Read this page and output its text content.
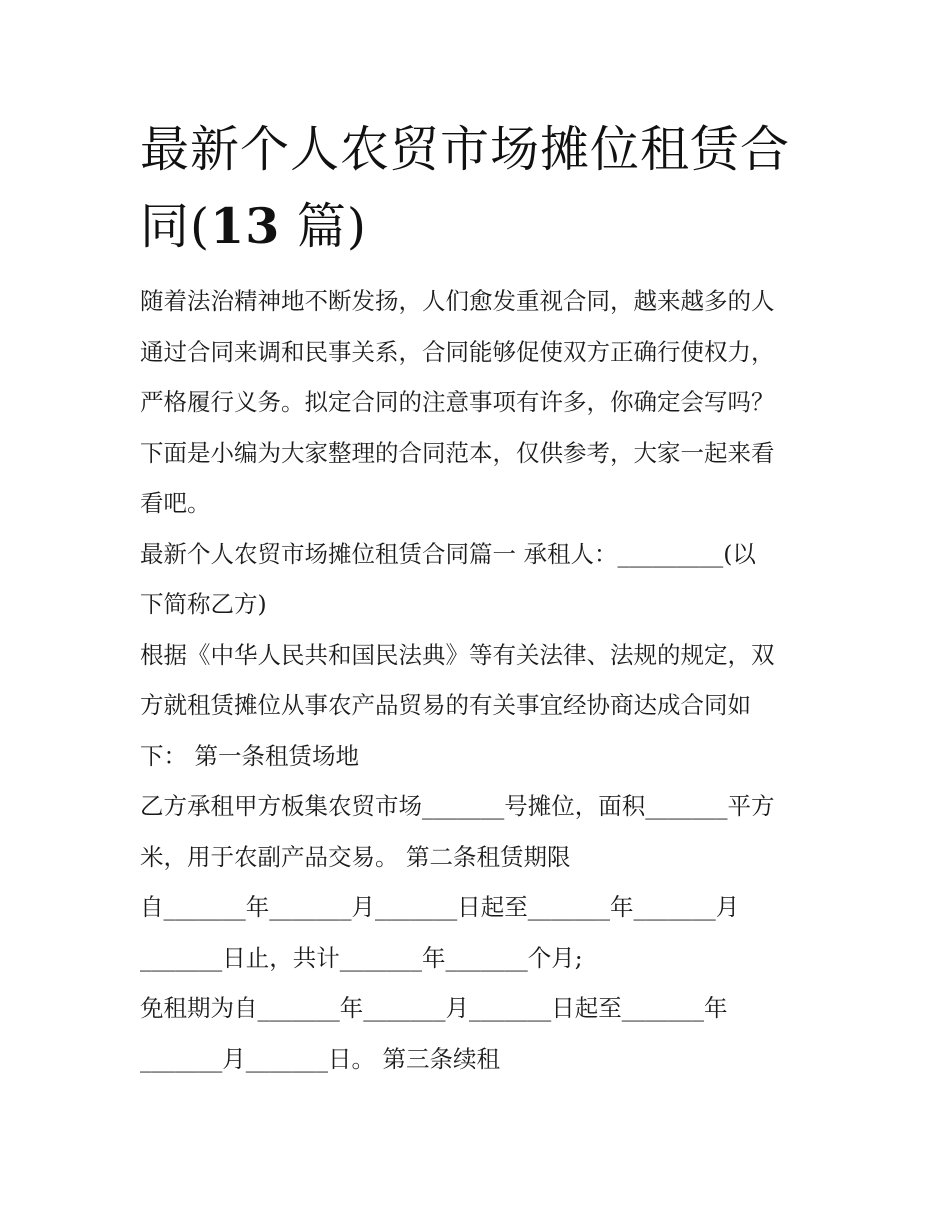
最新个人农贸市场摊位租赁合
同(13 篇)
随着法治精神地不断发扬，人们愈发重视合同，越来越多的人
通过合同来调和民事关系，合同能够促使双方正确行使权力，
严格履行义务。拟定合同的注意事项有许多，你确定会写吗？
下面是小编为大家整理的合同范本，仅供参考，大家一起来看
看吧。
最新个人农贸市场摊位租赁合同篇一 承租人：_________(以
下简称乙方)
根据《中华人民共和国民法典》等有关法律、法规的规定，双
方就租赁摊位从事农产品贸易的有关事宜经协商达成合同如
下： 第一条租赁场地
乙方承租甲方板集农贸市场_______号摊位，面积_______平方
米，用于农副产品交易。 第二条租赁期限
自_______年_______月_______日起至_______年_______月
_______日止，共计_______年_______个月;
免租期为自_______年_______月_______日起至_______年
_______月_______日。 第三条续租
